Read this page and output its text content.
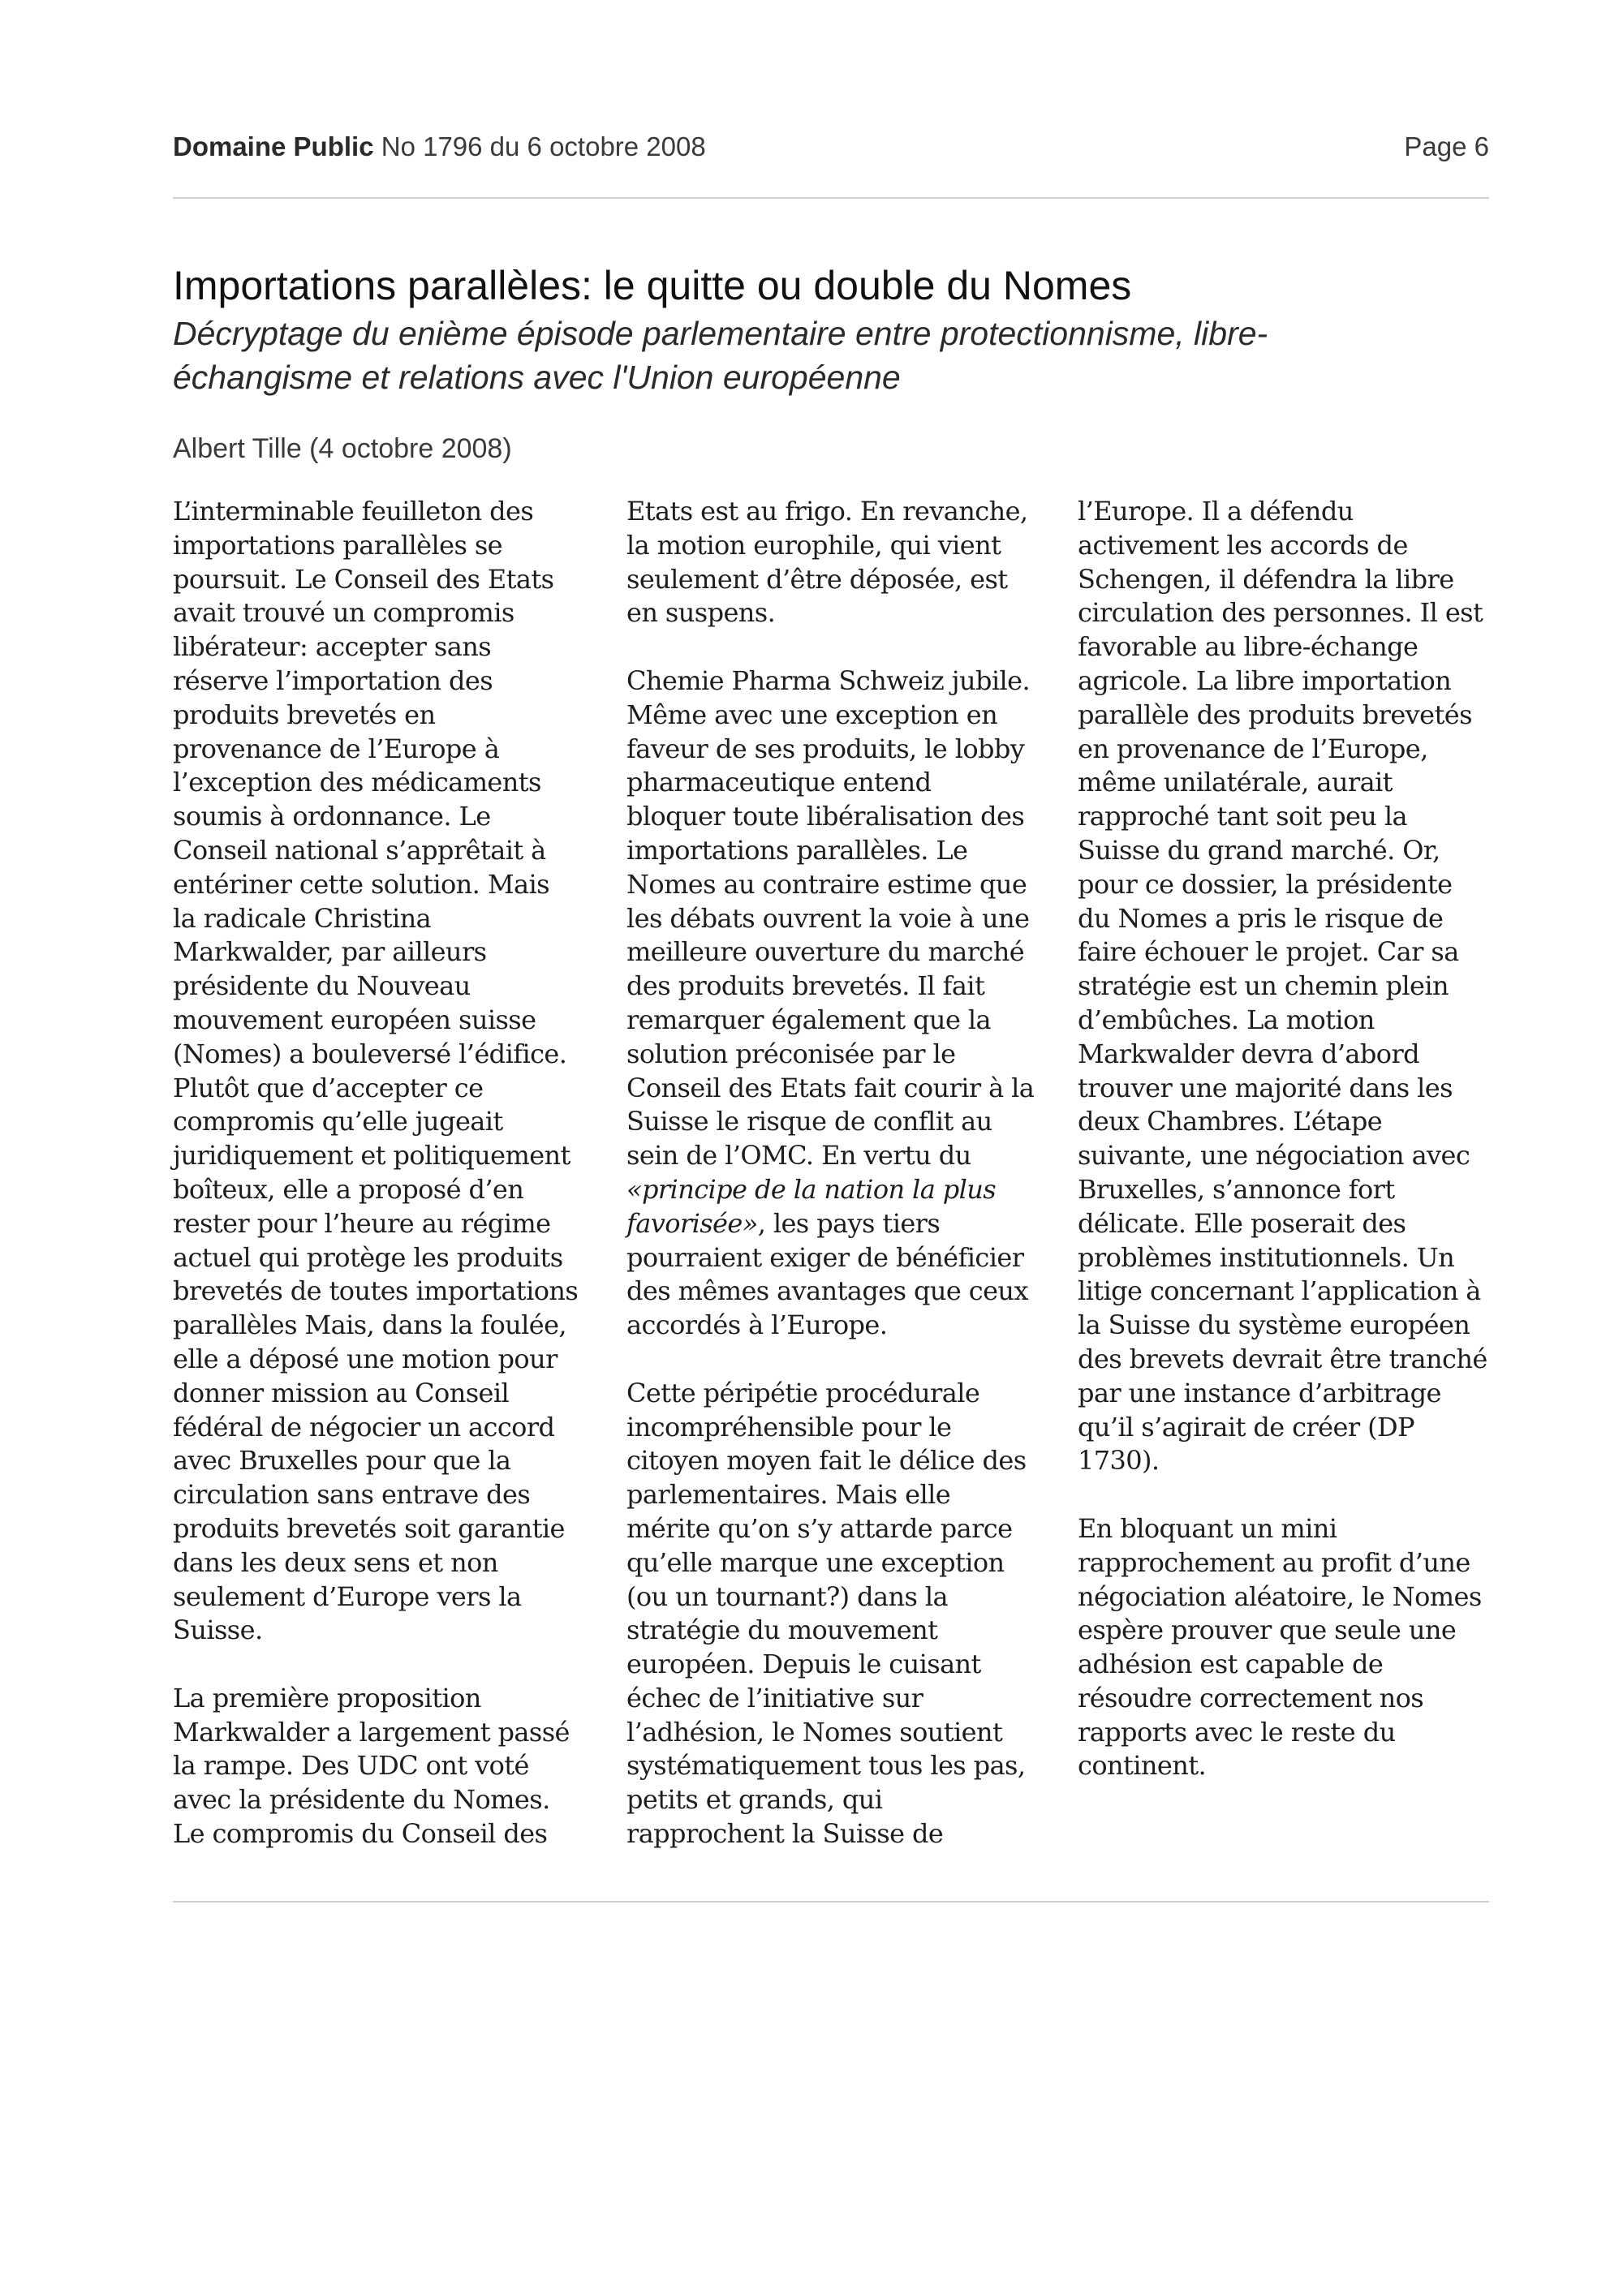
Domaine Public No 1796 du 6 octobre 2008	Page 6
Importations parallèles: le quitte ou double du Nomes
Décryptage du enième épisode parlementaire entre protectionnisme, libre-
échangisme et relations avec l'Union européenne
Albert Tille (4 octobre 2008)

L’interminable feuilleton des
importations parallèles se
poursuit. Le Conseil des Etats
avait trouvé un compromis
libérateur: accepter sans
réserve l’importation des
produits brevetés en
provenance de l’Europe à
l’exception des médicaments
soumis à ordonnance. Le
Conseil national s’apprêtait à
entériner cette solution. Mais
la radicale Christina
Markwalder, par ailleurs
présidente du Nouveau
mouvement européen suisse
(Nomes) a bouleversé l’édifice.
Plutôt que d’accepter ce
compromis qu’elle jugeait
juridiquement et politiquement
boîteux, elle a proposé d’en
rester pour l’heure au régime
actuel qui protège les produits
brevetés de toutes importations
parallèles Mais, dans la foulée,
elle a déposé une motion pour
donner mission au Conseil
fédéral de négocier un accord
avec Bruxelles pour que la
circulation sans entrave des
produits brevetés soit garantie
dans les deux sens et non
seulement d’Europe vers la
Suisse.

La première proposition
Markwalder a largement passé
la rampe. Des UDC ont voté
avec la présidente du Nomes.
Le compromis du Conseil des

Etats est au frigo. En revanche,
la motion europhile, qui vient
seulement d’être déposée, est
en suspens.

Chemie Pharma Schweiz jubile.
Même avec une exception en
faveur de ses produits, le lobby
pharmaceutique entend
bloquer toute libéralisation des
importations parallèles. Le
Nomes au contraire estime que
les débats ouvrent la voie à une
meilleure ouverture du marché
des produits brevetés. Il fait
remarquer également que la
solution préconisée par le
Conseil des Etats fait courir à la
Suisse le risque de conflit au
sein de l’OMC. En vertu du
«principe de la nation la plus
favorisée», les pays tiers
pourraient exiger de bénéficier
des mêmes avantages que ceux
accordés à l’Europe.

Cette péripétie procédurale
incompréhensible pour le
citoyen moyen fait le délice des
parlementaires. Mais elle
mérite qu’on s’y attarde parce
qu’elle marque une exception
(ou un tournant?) dans la
stratégie du mouvement
européen. Depuis le cuisant
échec de l’initiative sur
l’adhésion, le Nomes soutient
systématiquement tous les pas,
petits et grands, qui
rapprochent la Suisse de

l’Europe. Il a défendu
activement les accords de
Schengen, il défendra la libre
circulation des personnes. Il est
favorable au libre-échange
agricole. La libre importation
parallèle des produits brevetés
en provenance de l’Europe,
même unilatérale, aurait
rapproché tant soit peu la
Suisse du grand marché. Or,
pour ce dossier, la présidente
du Nomes a pris le risque de
faire échouer le projet. Car sa
stratégie est un chemin plein
d’embûches. La motion
Markwalder devra d’abord
trouver une majorité dans les
deux Chambres. L’étape
suivante, une négociation avec
Bruxelles, s’annonce fort
délicate. Elle poserait des
problèmes institutionnels. Un
litige concernant l’application à
la Suisse du système européen
des brevets devrait être tranché
par une instance d’arbitrage
qu’il s’agirait de créer (DP
1730).

En bloquant un mini
rapprochement au profit d’une
négociation aléatoire, le Nomes
espère prouver que seule une
adhésion est capable de
résoudre correctement nos
rapports avec le reste du
continent.
